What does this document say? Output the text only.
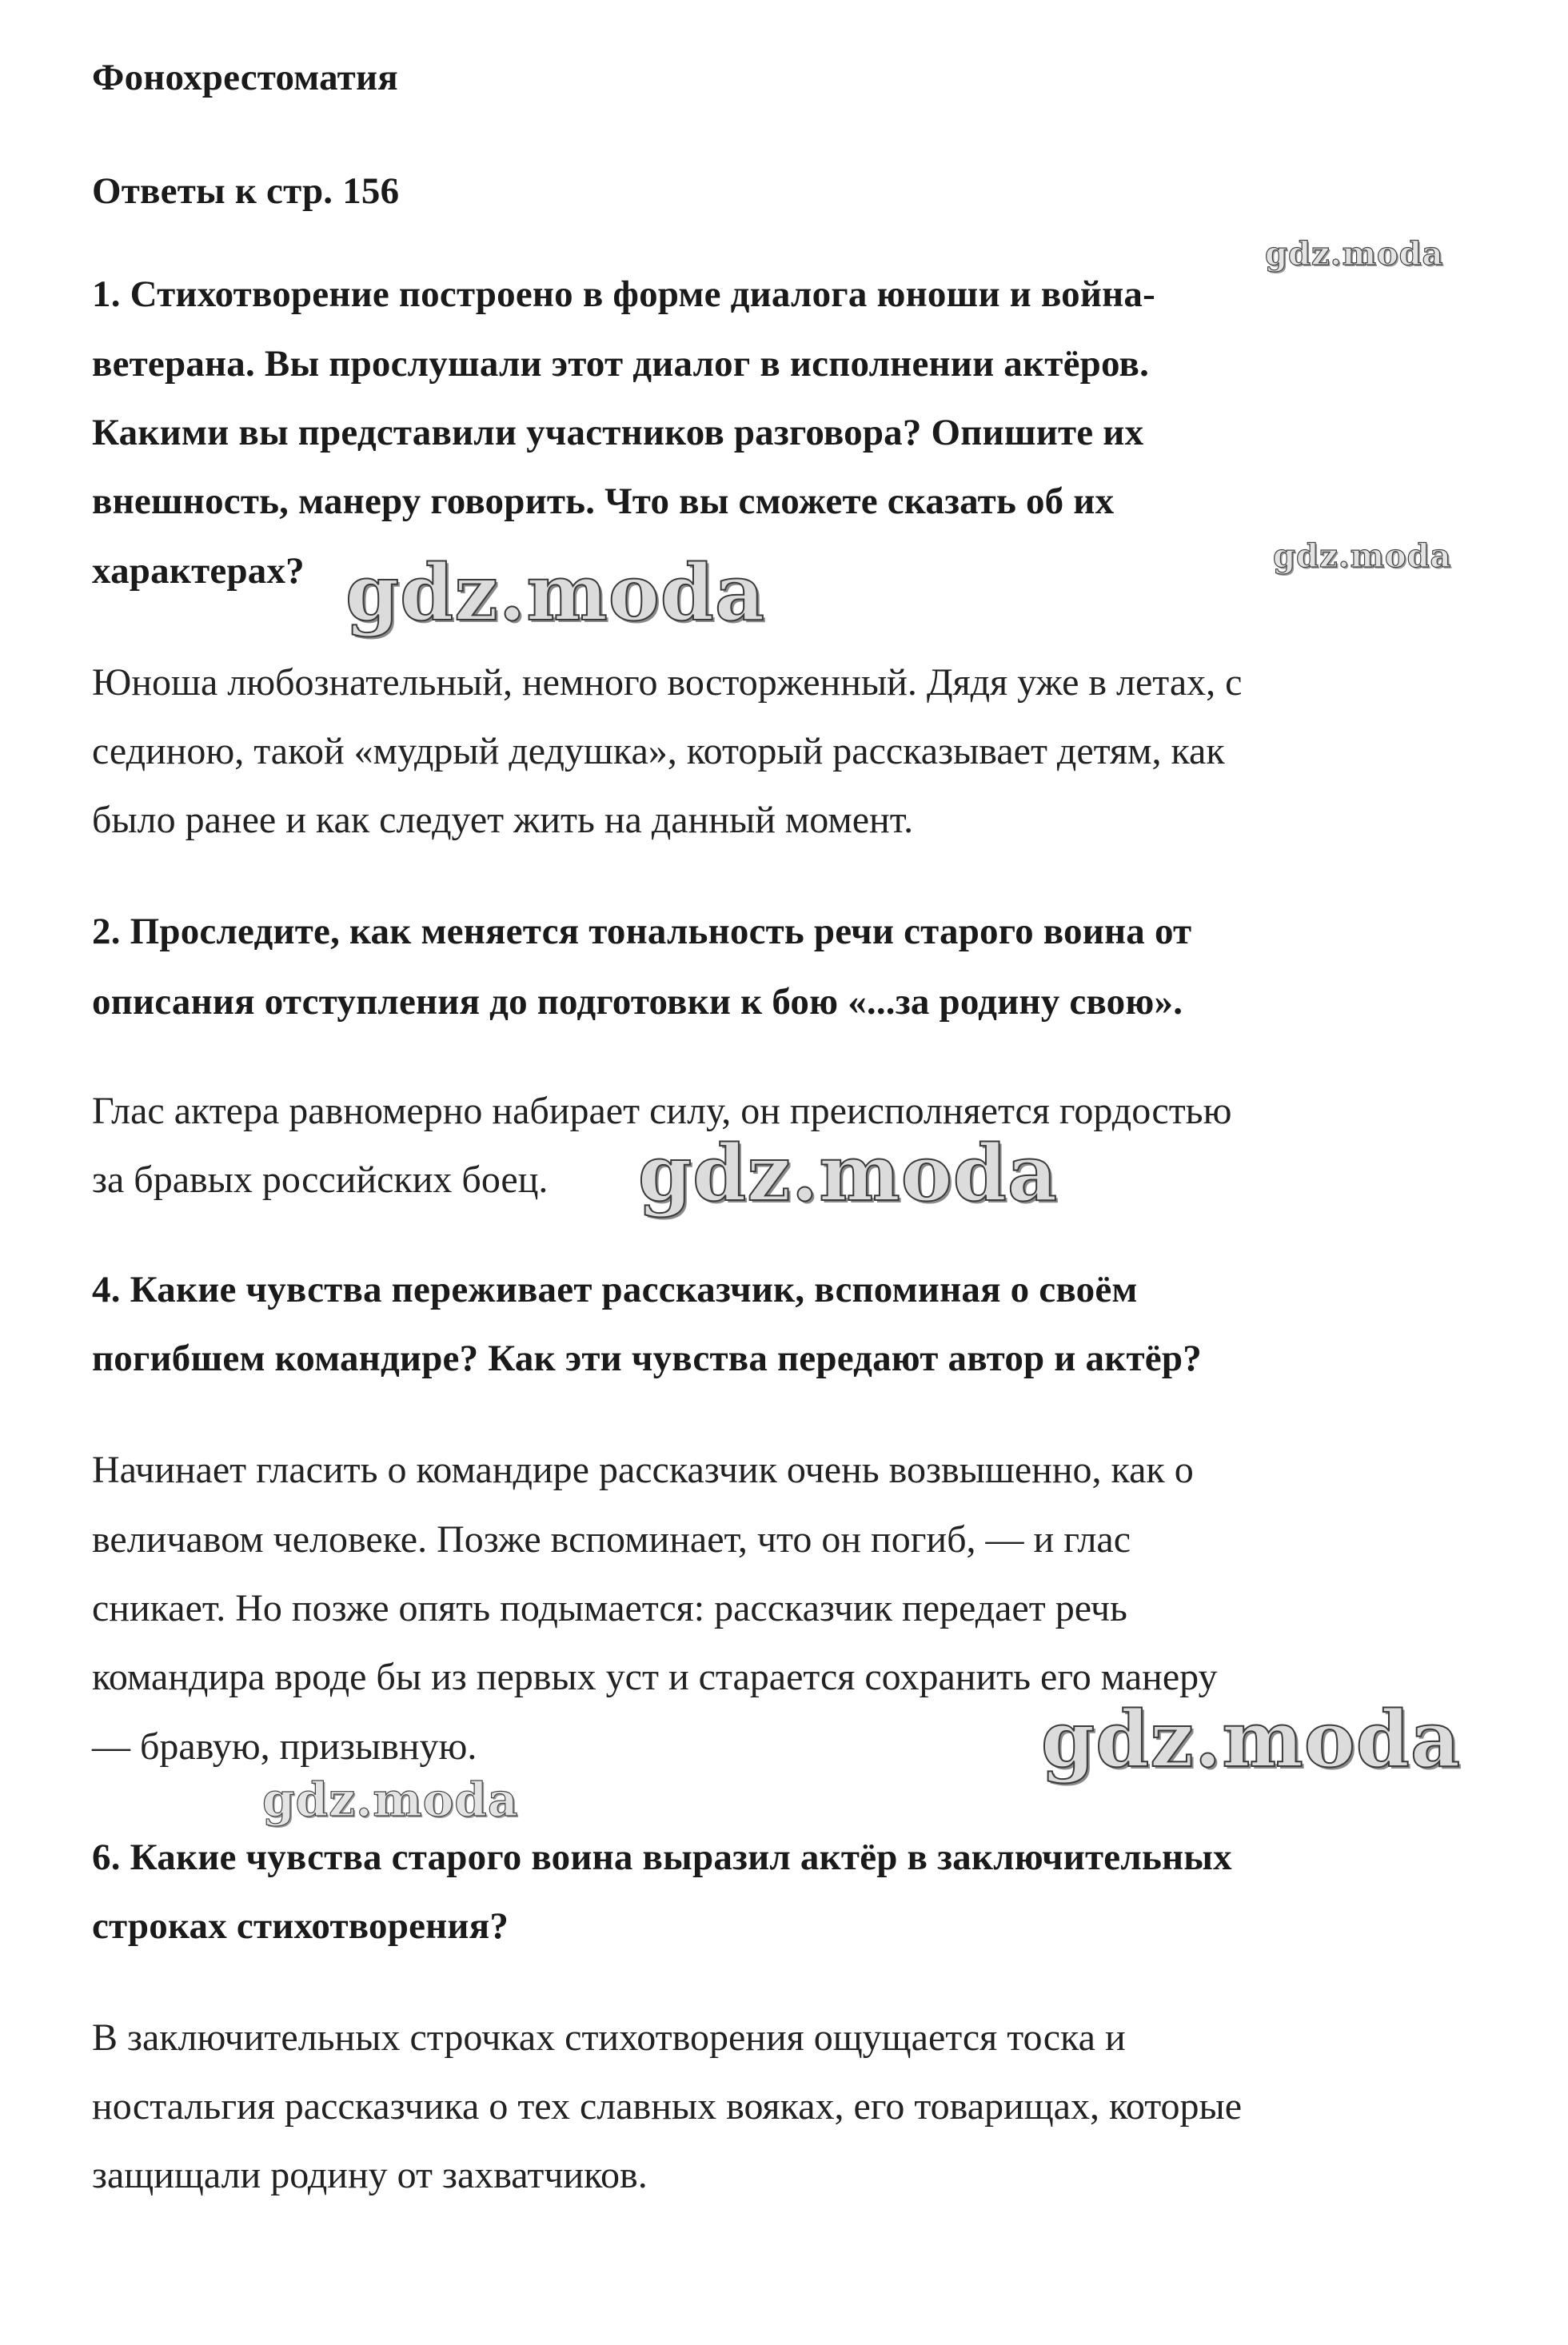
Фонохрестоматия
Ответы к стр. 156
1. Стихотворение построено в форме диалога юноши и война-
ветерана. Вы прослушали этот диалог в исполнении актёров.
Какими вы представили участников разговора? Опишите их
внешность, манеру говорить. Что вы сможете сказать об их
характерах?
Юноша любознательный, немного восторженный. Дядя уже в летах, с
сединою, такой «мудрый дедушка», который рассказывает детям, как
было ранее и как следует жить на данный момент.
2. Проследите, как меняется тональность речи старого воина от
описания отступления до подготовки к бою «...за родину свою».
Глас актера равномерно набирает силу, он преисполняется гордостью
за бравых российских боец.
4. Какие чувства переживает рассказчик, вспоминая о своём
погибшем командире? Как эти чувства передают автор и актёр?
Начинает гласить о командире рассказчик очень возвышенно, как о
величавом человеке. Позже вспоминает, что он погиб, — и глас
сникает. Но позже опять подымается: рассказчик передает речь
командира вроде бы из первых уст и старается сохранить его манеру
— бравую, призывную.
6. Какие чувства старого воина выразил актёр в заключительных
строках стихотворения?
В заключительных строчках стихотворения ощущается тоска и
ностальгия рассказчика о тех славных вояках, его товарищах, которые
защищали родину от захватчиков.
gdz.moda
gdz.moda
gdz.moda
gdz.moda
gdz.moda
gdz.moda
